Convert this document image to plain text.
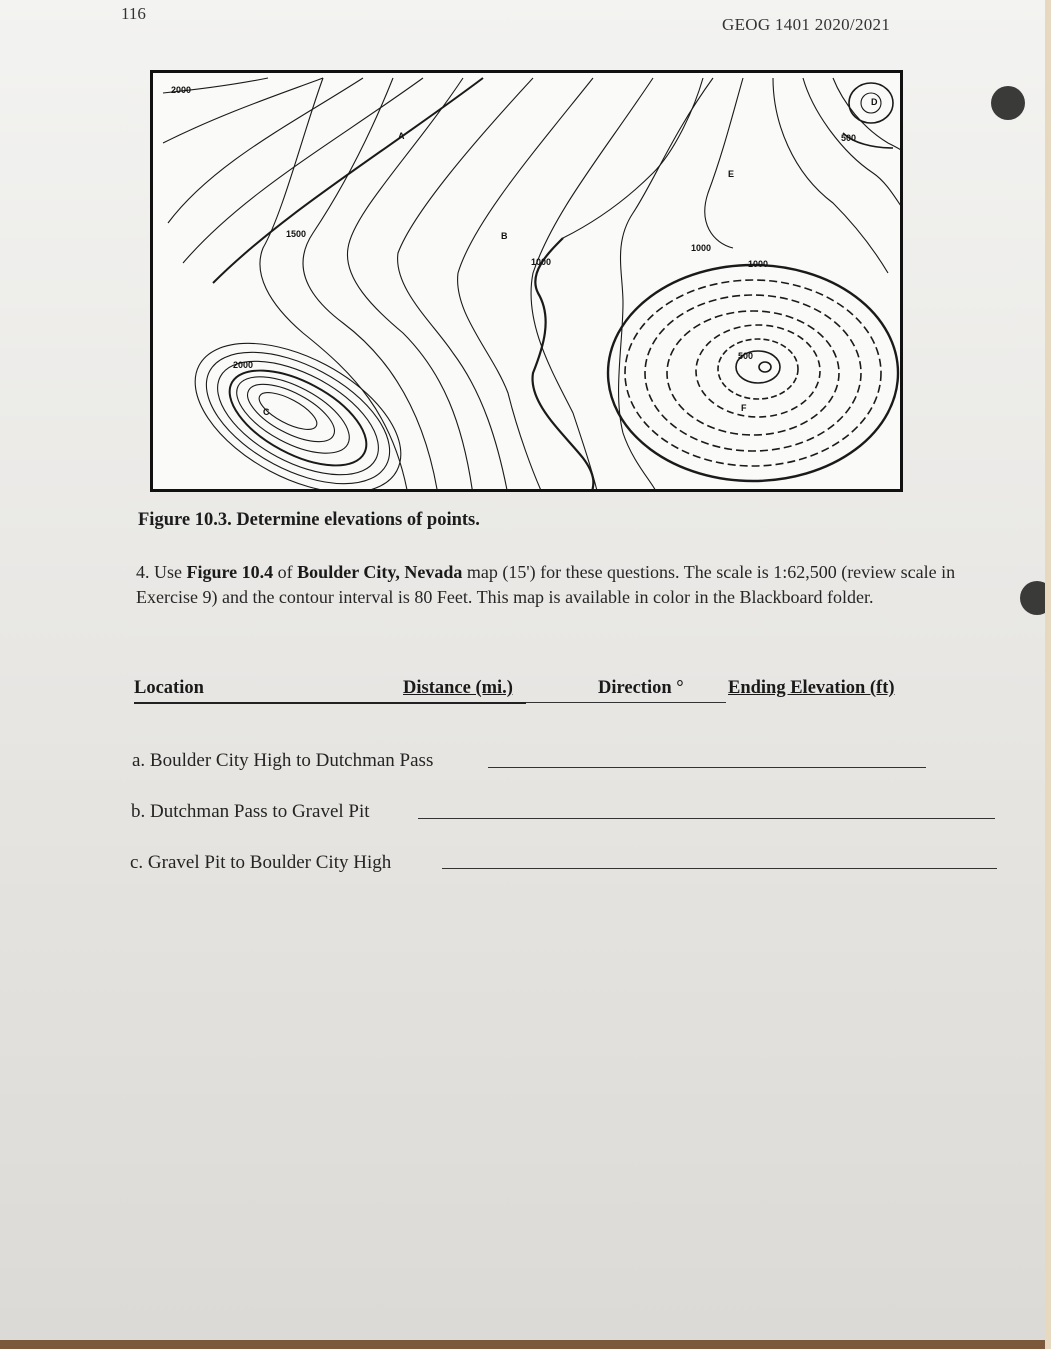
116
GEOG 1401 2020/2021
2000
1500
1000
1000
1000
500
500
2000
A
B
C
D
E
F
Figure 10.3. Determine elevations of points.
4. Use Figure 10.4 of Boulder City, Nevada map (15') for these questions. The scale is 1:62,500 (review scale in Exercise 9) and the contour interval is 80 Feet. This map is available in color in the Blackboard folder.
Location	Distance (mi.)	Direction ° Ending Elevation (ft)
a. Boulder City High to Dutchman Pass
b. Dutchman Pass to Gravel Pit
c. Gravel Pit to Boulder City High
